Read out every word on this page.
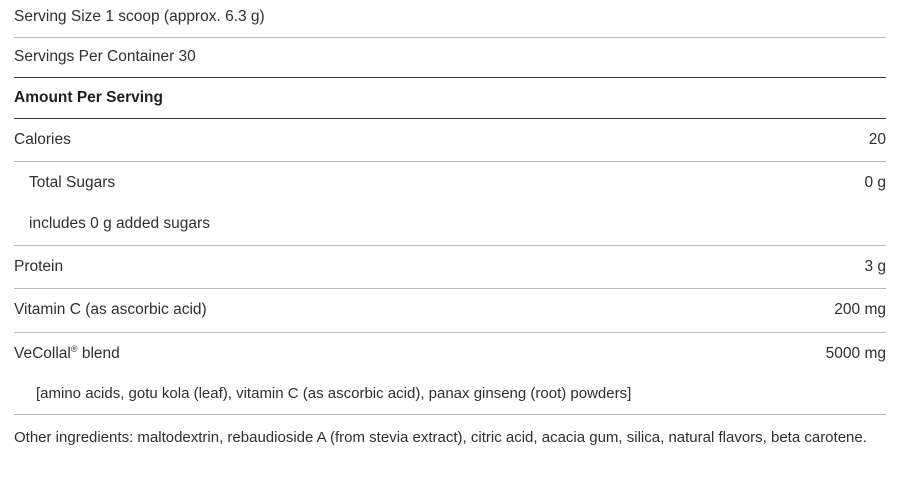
Serving Size 1 scoop (approx. 6.3 g)
Servings Per Container 30
Amount Per Serving
Calories	20
Total Sugars	0 g
includes 0 g added sugars
Protein	3 g
Vitamin C (as ascorbic acid)	200 mg
VeCollal® blend	5000 mg
[amino acids, gotu kola (leaf), vitamin C (as ascorbic acid), panax ginseng (root) powders]
Other ingredients: maltodextrin, rebaudioside A (from stevia extract), citric acid, acacia gum, silica, natural flavors, beta carotene.
